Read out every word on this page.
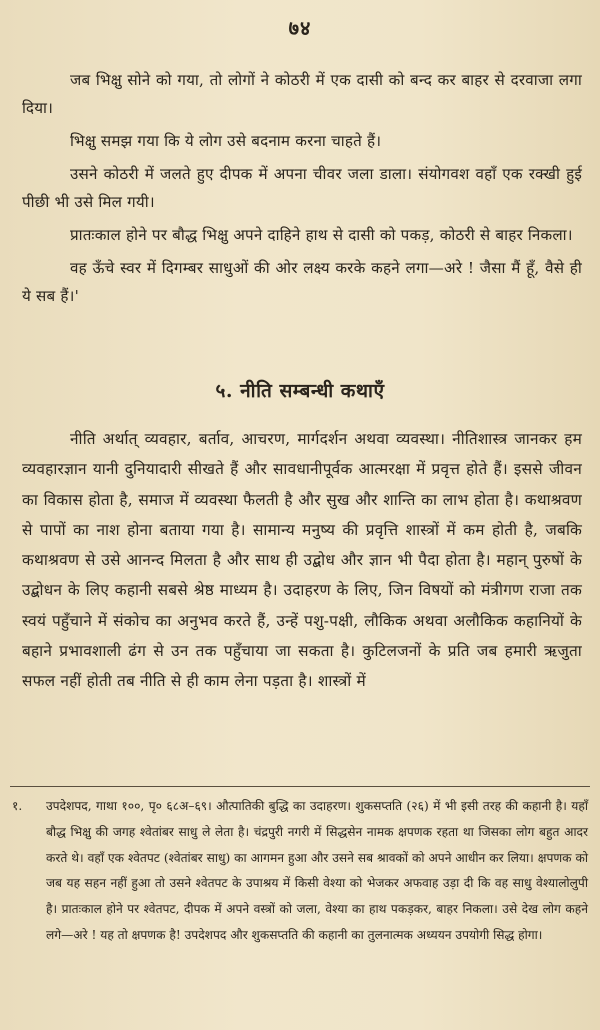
७४

जब भिक्षु सोने को गया, तो लोगों ने कोठरी में एक दासी को बन्द कर बाहर से दरवाजा लगा दिया।

भिक्षु समझ गया कि ये लोग उसे बदनाम करना चाहते हैं।

उसने कोठरी में जलते हुए दीपक में अपना चीवर जला डाला। संयोगवश वहाँ एक रक्खी हुई पीछी भी उसे मिल गयी।

प्रातःकाल होने पर बौद्ध भिक्षु अपने दाहिने हाथ से दासी को पकड़, कोठरी से बाहर निकला।

वह ऊँचे स्वर में दिगम्बर साधुओं की ओर लक्ष्य करके कहने लगा—अरे ! जैसा मैं हूँ, वैसे ही ये सब हैं।'

५. नीति सम्बन्धी कथाएँ

नीति अर्थात् व्यवहार, बर्ताव, आचरण, मार्गदर्शन अथवा व्यवस्था। नीतिशास्त्र जानकर हम व्यवहारज्ञान यानी दुनियादारी सीखते हैं और सावधानीपूर्वक आत्मरक्षा में प्रवृत्त होते हैं। इससे जीवन का विकास होता है, समाज में व्यवस्था फैलती है और सुख और शान्ति का लाभ होता है। कथाश्रवण से पापों का नाश होना बताया गया है। सामान्य मनुष्य की प्रवृत्ति शास्त्रों में कम होती है, जबकि कथाश्रवण से उसे आनन्द मिलता है और साथ ही उद्बोध और ज्ञान भी पैदा होता है। महान् पुरुषों के उद्बोधन के लिए कहानी सबसे श्रेष्ठ माध्यम है। उदाहरण के लिए, जिन विषयों को मंत्रीगण राजा तक स्वयं पहुँचाने में संकोच का अनुभव करते हैं, उन्हें पशु-पक्षी, लौकिक अथवा अलौकिक कहानियों के बहाने प्रभावशाली ढंग से उन तक पहुँचाया जा सकता है। कुटिलजनों के प्रति जब हमारी ऋजुता सफल नहीं होती तब नीति से ही काम लेना पड़ता है। शास्त्रों में

१.	उपदेशपद, गाथा १००, पृ० ६८अ–६९। औत्पातिकी बुद्धि का उदाहरण। शुकसप्तति (२६) में भी इसी तरह की कहानी है। यहाँ बौद्ध भिक्षु की जगह श्वेतांबर साधु ले लेता है। चंद्रपुरी नगरी में सिद्धसेन नामक क्षपणक रहता था जिसका लोग बहुत आदर करते थे। वहाँ एक श्वेतपट (श्वेतांबर साधु) का आगमन हुआ और उसने सब श्रावकों को अपने आधीन कर लिया। क्षपणक को जब यह सहन नहीं हुआ तो उसने श्वेतपट के उपाश्रय में किसी वेश्या को भेजकर अफवाह उड़ा दी कि वह साधु वेश्यालोलुपी है। प्रातःकाल होने पर श्वेतपट, दीपक में अपने वस्त्रों को जला, वेश्या का हाथ पकड़कर, बाहर निकला। उसे देख लोग कहने लगे—अरे ! यह तो क्षपणक है! उपदेशपद और शुकसप्तति की कहानी का तुलनात्मक अध्ययन उपयोगी सिद्ध होगा।
